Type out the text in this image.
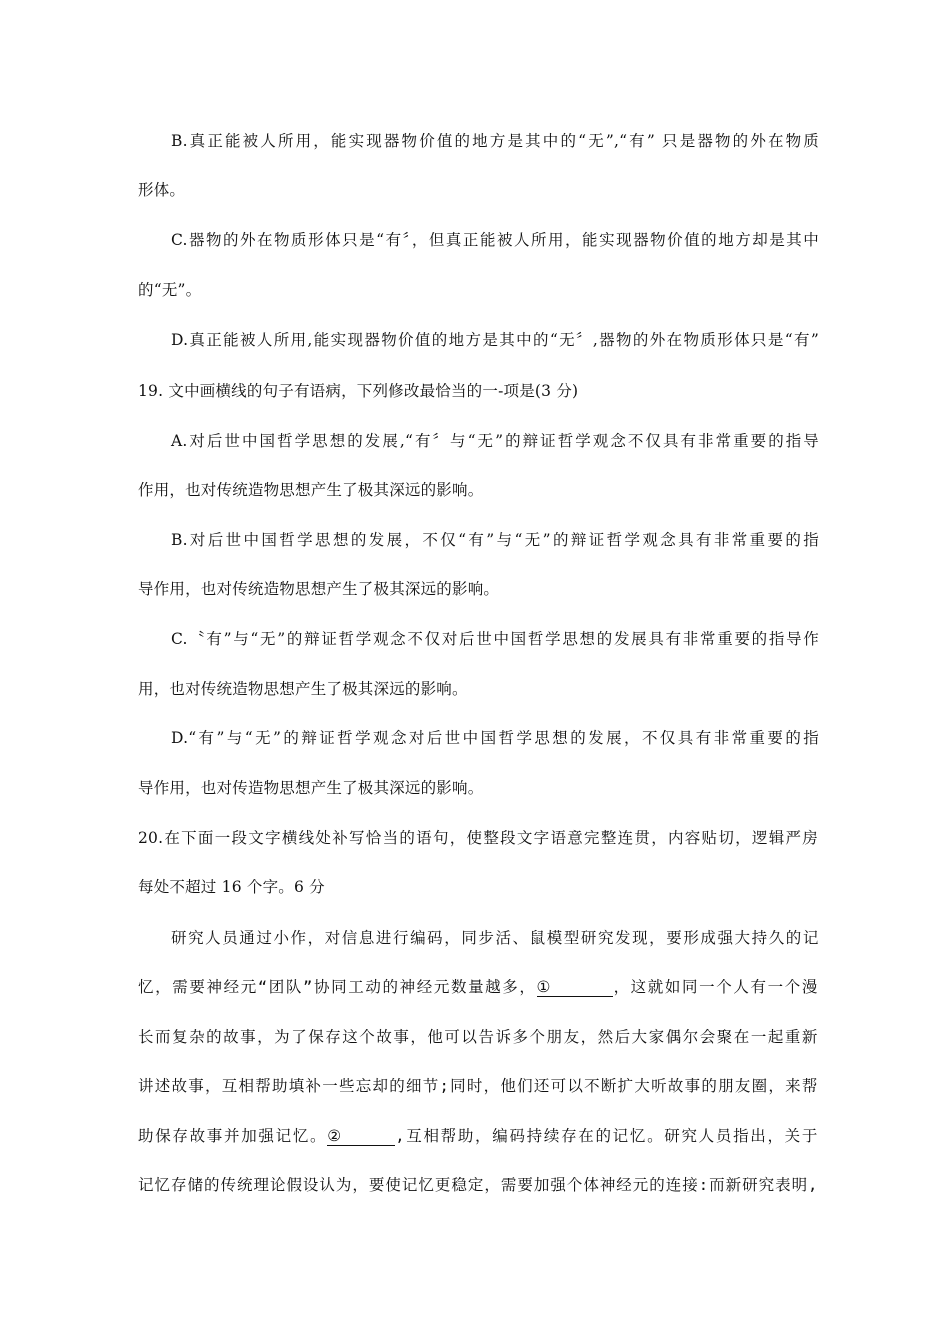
B.真正能被人所用，能实现器物价值的地方是其中的“无”,“有” 只是器物的外在物质
形体。
C.器物的外在物质形体只是“有〞，但真正能被人所用，能实现器物价值的地方却是其中
的“无”。
D.真正能被人所用,能实现器物价值的地方是其中的“无〞,器物的外在物质形体只是“有”
19. 文中画横线的句子有语病，下列修改最恰当的一-项是(3 分)
A.对后世中国哲学思想的发展,“有〞与“无”的辩证哲学观念不仅具有非常重要的指导
作用，也对传统造物思想产生了极其深远的影响。
B.对后世中国哲学思想的发展，不仅“有”与“无”的辩证哲学观念具有非常重要的指
导作用，也对传统造物思想产生了极其深远的影响。
C.〝有”与“无”的辩证哲学观念不仅对后世中国哲学思想的发展具有非常重要的指导作
用，也对传统造物思想产生了极其深远的影响。
D.“有”与“无”的辩证哲学观念对后世中国哲学思想的发展，不仅具有非常重要的指
导作用，也对传造物思想产生了极其深远的影响。
20.在下面一段文字横线处补写恰当的语句，使整段文字语意完整连贯，内容贴切，逻辑严房
每处不超过 16 个字。6 分
研究人员通过小作，对信息进行编码，同步活、鼠模型研究发现，要形成强大持久的记
忆，需要神经元“团队”协同工动的神经元数量越多，①	，这就如同一个人有一个漫
长而复杂的故事，为了保存这个故事，他可以告诉多个朋友，然后大家偶尔会聚在一起重新
讲述故事，互相帮助填补一些忘却的细节;同时，他们还可以不断扩大听故事的朋友圈，来帮
助保存故事并加强记忆。②	,互相帮助，编码持续存在的记忆。研究人员指出，关于
记忆存储的传统理论假设认为，要使记忆更稳定，需要加强个体神经元的连接:而新研究表明,
